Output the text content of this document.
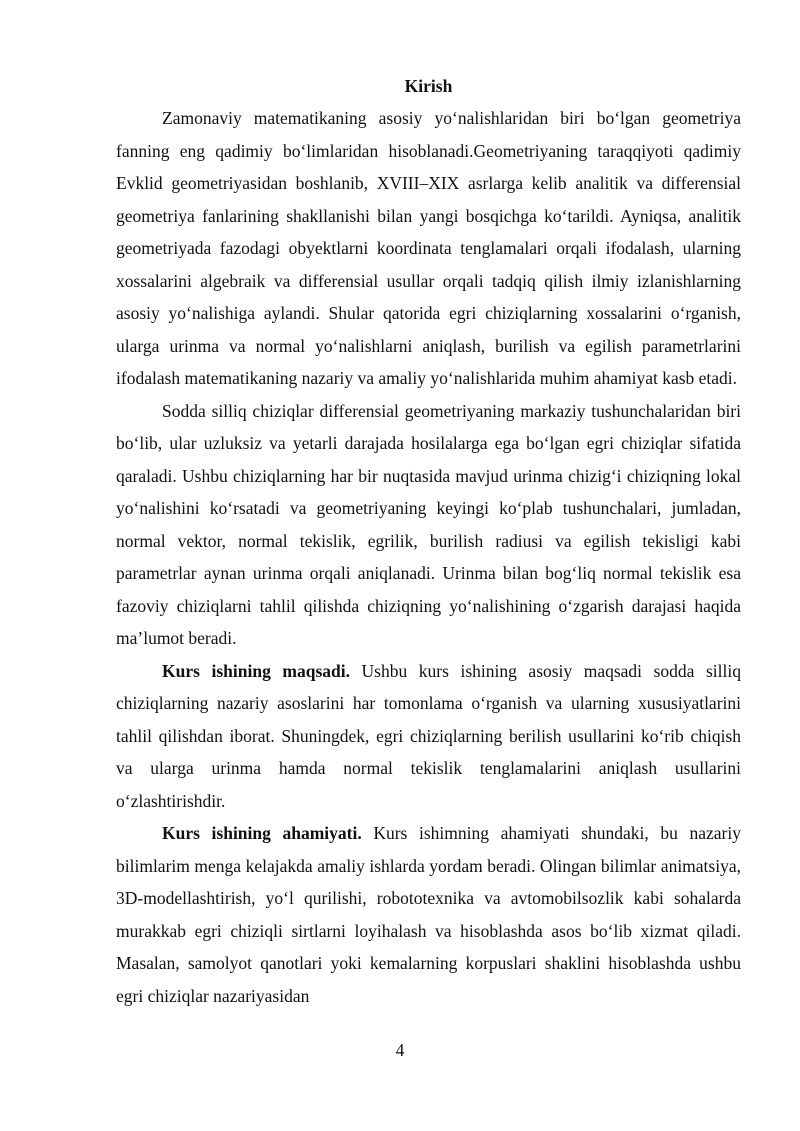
Kirish

Zamonaviy matematikaning asosiy yo‘nalishlaridan biri bo‘lgan geometriya fanning eng qadimiy bo‘limlaridan hisoblanadi.Geometriyaning taraqqiyoti qadimiy Evklid geometriyasidan boshlanib, XVIII–XIX asrlarga kelib analitik va differensial geometriya fanlarining shakllanishi bilan yangi bosqichga ko‘tarildi. Ayniqsa, analitik geometriyada fazodagi obyektlarni koordinata tenglamalari orqali ifodalash, ularning xossalarini algebraik va differensial usullar orqali tadqiq qilish ilmiy izlanishlarning asosiy yo‘nalishiga aylandi. Shular qatorida egri chiziqlarning xossalarini o‘rganish, ularga urinma va normal yo‘nalishlarni aniqlash, burilish va egilish parametrlarini ifodalash matematikaning nazariy va amaliy yo‘nalishlarida muhim ahamiyat kasb etadi.

Sodda silliq chiziqlar differensial geometriyaning markaziy tushunchalaridan biri bo‘lib, ular uzluksiz va yetarli darajada hosilalarga ega bo‘lgan egri chiziqlar sifatida qaraladi. Ushbu chiziqlarning har bir nuqtasida mavjud urinma chizig‘i chiziqning lokal yo‘nalishini ko‘rsatadi va geometriyaning keyingi ko‘plab tushunchalari, jumladan, normal vektor, normal tekislik, egrilik, burilish radiusi va egilish tekisligi kabi parametrlar aynan urinma orqali aniqlanadi. Urinma bilan bog‘liq normal tekislik esa fazoviy chiziqlarni tahlil qilishda chiziqning yo‘nalishining o‘zgarish darajasi haqida ma’lumot beradi.

Kurs ishining maqsadi. Ushbu kurs ishining asosiy maqsadi sodda silliq chiziqlarning nazariy asoslarini har tomonlama o‘rganish va ularning xususiyatlarini tahlil qilishdan iborat. Shuningdek, egri chiziqlarning berilish usullarini ko‘rib chiqish va ularga urinma hamda normal tekislik tenglamalarini aniqlash usullarini o‘zlashtirishdir.

Kurs ishining ahamiyati. Kurs ishimning ahamiyati shundaki, bu nazariy bilimlarim menga kelajakda amaliy ishlarda yordam beradi. Olingan bilimlar animatsiya, 3D-modellashtirish, yo‘l qurilishi, robototexnika va avtomobilsozlik kabi sohalarda murakkab egri chiziqli sirtlarni loyihalash va hisoblashda asos bo‘lib xizmat qiladi. Masalan, samolyot qanotlari yoki kemalarning korpuslari shaklini hisoblashda ushbu egri chiziqlar nazariyasidan

4
